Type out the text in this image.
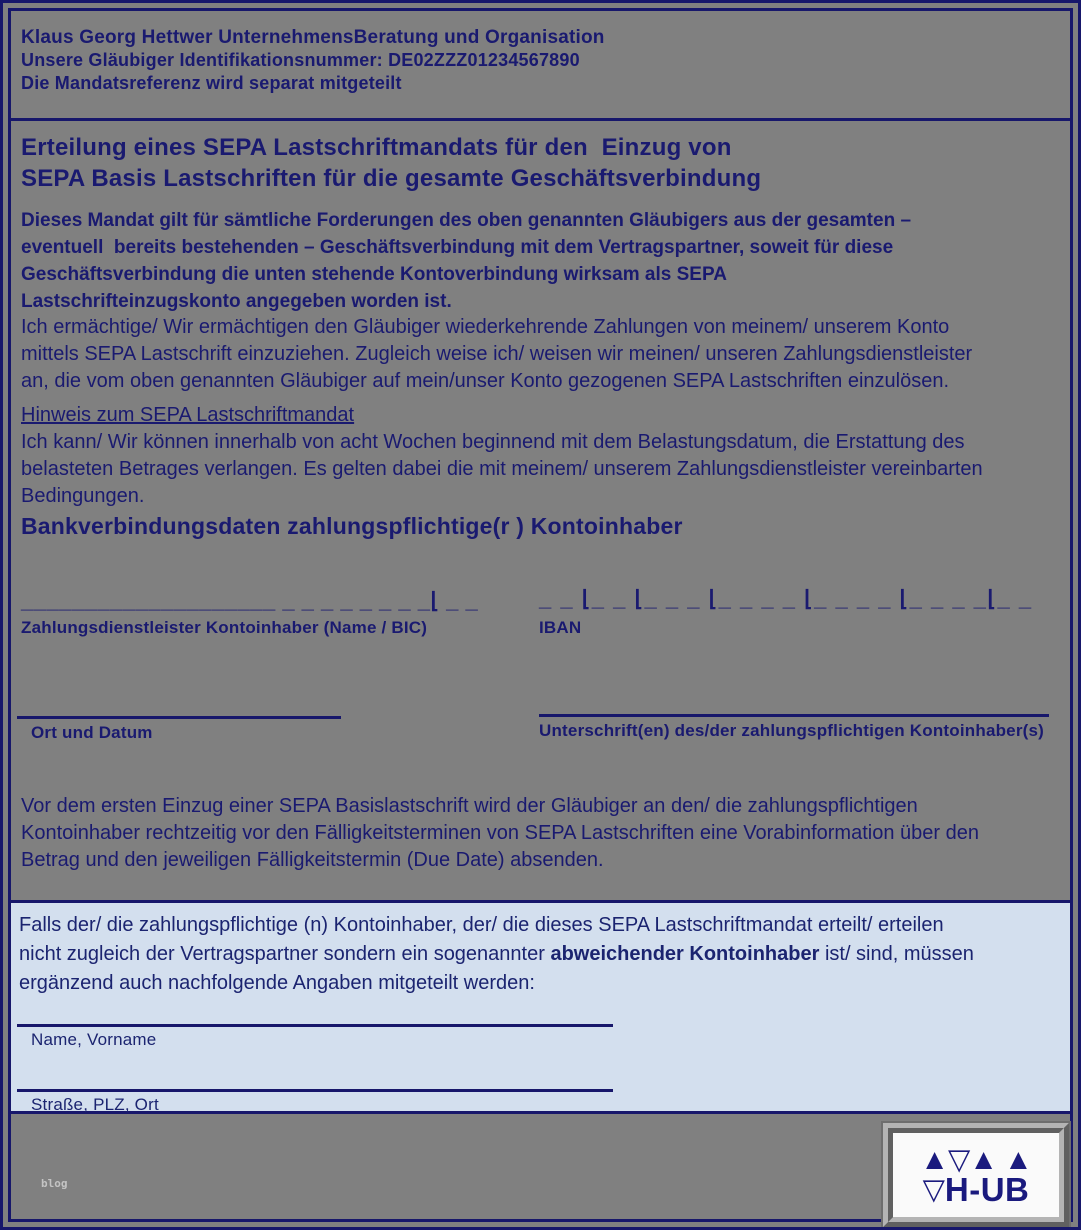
Klaus Georg Hettwer UnternehmensBeratung und Organisation
Unsere Gläubiger Identifikationsnummer: DE02ZZZ01234567890
Die Mandatsreferenz wird separat mitgeteilt
Erteilung eines SEPA Lastschriftmandats für den  Einzug von
SEPA Basis Lastschriften für die gesamte Geschäftsverbindung
Dieses Mandat gilt für sämtliche Forderungen des oben genannten Gläubigers aus der gesamten –
eventuell  bereits bestehenden – Geschäftsverbindung mit dem Vertragspartner, soweit für diese
Geschäftsverbindung die unten stehende Kontoverbindung wirksam als SEPA
Lastschrifteinzugskonto angegeben worden ist.
Ich ermächtige/ Wir ermächtigen den Gläubiger wiederkehrende Zahlungen von meinem/ unserem Konto
mittels SEPA Lastschrift einzuziehen. Zugleich weise ich/ weisen wir meinen/ unseren Zahlungsdienstleister
an, die vom oben genannten Gläubiger auf mein/unser Konto gezogenen SEPA Lastschriften einzulösen.
Hinweis zum SEPA Lastschriftmandat
Ich kann/ Wir können innerhalb von acht Wochen beginnend mit dem Belastungsdatum, die Erstattung des
belasteten Betrages verlangen. Es gelten dabei die mit meinem/ unserem Zahlungsdienstleister vereinbarten
Bedingungen.
Bankverbindungsdaten zahlungspflichtige(r ) Kontoinhaber
____________________ _ _ _ _ _ _ _ _⌊ _ _	_ _ ⌊_ _ ⌊_ _ _ ⌊_ _ _ _ ⌊_ _ _ _ ⌊_ _ _ _⌊_ _
Zahlungsdienstleister Kontoinhaber (Name / BIC)	IBAN
Ort und Datum	Unterschrift(en) des/der zahlungspflichtigen Kontoinhaber(s)
Vor dem ersten Einzug einer SEPA Basislastschrift wird der Gläubiger an den/ die zahlungspflichtigen
Kontoinhaber rechtzeitig vor den Fälligkeitsterminen von SEPA Lastschriften eine Vorabinformation über den
Betrag und den jeweiligen Fälligkeitstermin (Due Date) absenden.
Falls der/ die zahlungspflichtige (n) Kontoinhaber, der/ die dieses SEPA Lastschriftmandat erteilt/ erteilen
nicht zugleich der Vertragspartner sondern ein sogenannter abweichender Kontoinhaber ist/ sind, müssen
ergänzend auch nachfolgende Angaben mitgeteilt werden:
Name, Vorname
Straße, PLZ, Ort
blog
▲▽▲ ▲
▽ H-UB
